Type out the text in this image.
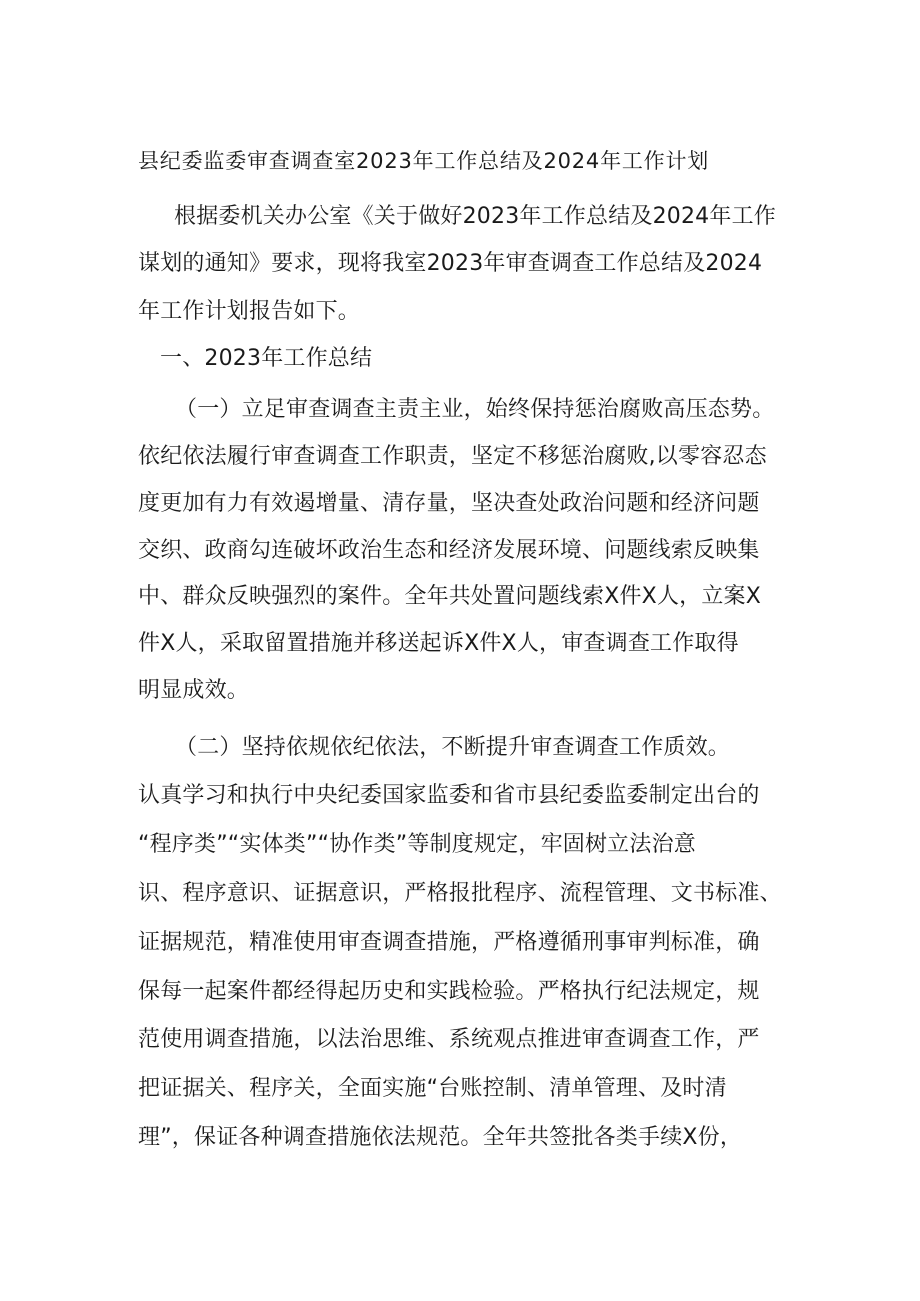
县纪委监委审查调查室2023年工作总结及2024年工作计划
根据委机关办公室《关于做好2023年工作总结及2024年工作
谋划的通知》要求，现将我室2023年审查调查工作总结及2024
年工作计划报告如下。
一、2023年工作总结
（一）立足审查调查主责主业，始终保持惩治腐败高压态势。
依纪依法履行审查调查工作职责，坚定不移惩治腐败,以零容忍态
度更加有力有效遏增量、清存量，坚决查处政治问题和经济问题
交织、政商勾连破坏政治生态和经济发展环境、问题线索反映集
中、群众反映强烈的案件。全年共处置问题线索X件X人，立案X
件X人，采取留置措施并移送起诉X件X人，审查调查工作取得
明显成效。
（二）坚持依规依纪依法，不断提升审查调查工作质效。
认真学习和执行中央纪委国家监委和省市县纪委监委制定出台的
“程序类”“实体类”“协作类”等制度规定，牢固树立法治意
识、程序意识、证据意识，严格报批程序、流程管理、文书标准、
证据规范，精准使用审查调查措施，严格遵循刑事审判标准，确
保每一起案件都经得起历史和实践检验。严格执行纪法规定，规
范使用调查措施，以法治思维、系统观点推进审查调查工作，严
把证据关、程序关，全面实施“台账控制、清单管理、及时清
理”，保证各种调查措施依法规范。全年共签批各类手续X份，
